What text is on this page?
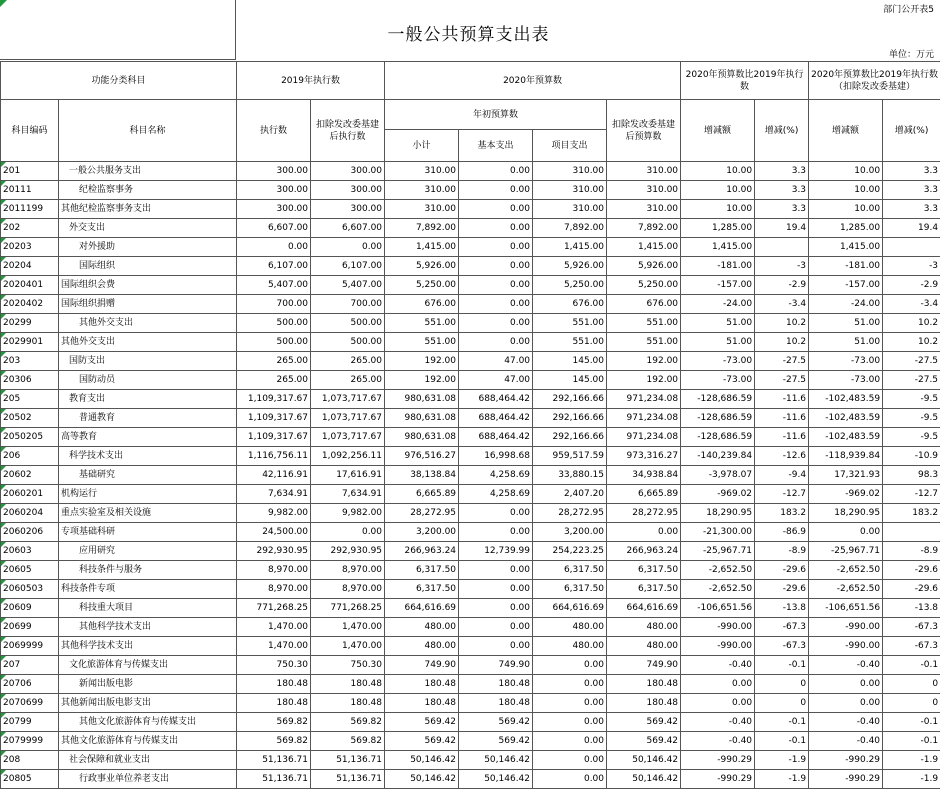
部门公开表5
一般公共预算支出表
单位：万元
功能分类科目		2019年执行数		2020年预算数				2020年预算数比2019年执行数		2020年预算数比2019年执行数（扣除发改委基建）	
科目编码	科目名称	执行数	扣除发改委基建后执行数	年初预算数			扣除发改委基建后预算数	增减额	增减(%)	增减额	增减(%)
				小计	基本支出	项目支出					
201	一般公共服务支出	300.00	300.00	310.00	0.00	310.00	310.00	10.00	3.3	10.00	3.3
20111	纪检监察事务	300.00	300.00	310.00	0.00	310.00	310.00	10.00	3.3	10.00	3.3
2011199	其他纪检监察事务支出	300.00	300.00	310.00	0.00	310.00	310.00	10.00	3.3	10.00	3.3
202	外交支出	6,607.00	6,607.00	7,892.00	0.00	7,892.00	7,892.00	1,285.00	19.4	1,285.00	19.4
20203	对外援助	0.00	0.00	1,415.00	0.00	1,415.00	1,415.00	1,415.00		1,415.00	
20204	国际组织	6,107.00	6,107.00	5,926.00	0.00	5,926.00	5,926.00	-181.00	-3	-181.00	-3
2020401	国际组织会费	5,407.00	5,407.00	5,250.00	0.00	5,250.00	5,250.00	-157.00	-2.9	-157.00	-2.9
2020402	国际组织捐赠	700.00	700.00	676.00	0.00	676.00	676.00	-24.00	-3.4	-24.00	-3.4
20299	其他外交支出	500.00	500.00	551.00	0.00	551.00	551.00	51.00	10.2	51.00	10.2
2029901	其他外交支出	500.00	500.00	551.00	0.00	551.00	551.00	51.00	10.2	51.00	10.2
203	国防支出	265.00	265.00	192.00	47.00	145.00	192.00	-73.00	-27.5	-73.00	-27.5
20306	国防动员	265.00	265.00	192.00	47.00	145.00	192.00	-73.00	-27.5	-73.00	-27.5
205	教育支出	1,109,317.67	1,073,717.67	980,631.08	688,464.42	292,166.66	971,234.08	-128,686.59	-11.6	-102,483.59	-9.5
20502	普通教育	1,109,317.67	1,073,717.67	980,631.08	688,464.42	292,166.66	971,234.08	-128,686.59	-11.6	-102,483.59	-9.5
2050205	高等教育	1,109,317.67	1,073,717.67	980,631.08	688,464.42	292,166.66	971,234.08	-128,686.59	-11.6	-102,483.59	-9.5
206	科学技术支出	1,116,756.11	1,092,256.11	976,516.27	16,998.68	959,517.59	973,316.27	-140,239.84	-12.6	-118,939.84	-10.9
20602	基础研究	42,116.91	17,616.91	38,138.84	4,258.69	33,880.15	34,938.84	-3,978.07	-9.4	17,321.93	98.3
2060201	机构运行	7,634.91	7,634.91	6,665.89	4,258.69	2,407.20	6,665.89	-969.02	-12.7	-969.02	-12.7
2060204	重点实验室及相关设施	9,982.00	9,982.00	28,272.95	0.00	28,272.95	28,272.95	18,290.95	183.2	18,290.95	183.2
2060206	专项基础科研	24,500.00	0.00	3,200.00	0.00	3,200.00	0.00	-21,300.00	-86.9	0.00	
20603	应用研究	292,930.95	292,930.95	266,963.24	12,739.99	254,223.25	266,963.24	-25,967.71	-8.9	-25,967.71	-8.9
20605	科技条件与服务	8,970.00	8,970.00	6,317.50	0.00	6,317.50	6,317.50	-2,652.50	-29.6	-2,652.50	-29.6
2060503	科技条件专项	8,970.00	8,970.00	6,317.50	0.00	6,317.50	6,317.50	-2,652.50	-29.6	-2,652.50	-29.6
20609	科技重大项目	771,268.25	771,268.25	664,616.69	0.00	664,616.69	664,616.69	-106,651.56	-13.8	-106,651.56	-13.8
20699	其他科学技术支出	1,470.00	1,470.00	480.00	0.00	480.00	480.00	-990.00	-67.3	-990.00	-67.3
2069999	其他科学技术支出	1,470.00	1,470.00	480.00	0.00	480.00	480.00	-990.00	-67.3	-990.00	-67.3
207	文化旅游体育与传媒支出	750.30	750.30	749.90	749.90	0.00	749.90	-0.40	-0.1	-0.40	-0.1
20706	新闻出版电影	180.48	180.48	180.48	180.48	0.00	180.48	0.00	0	0.00	0
2070699	其他新闻出版电影支出	180.48	180.48	180.48	180.48	0.00	180.48	0.00	0	0.00	0
20799	其他文化旅游体育与传媒支出	569.82	569.82	569.42	569.42	0.00	569.42	-0.40	-0.1	-0.40	-0.1
2079999	其他文化旅游体育与传媒支出	569.82	569.82	569.42	569.42	0.00	569.42	-0.40	-0.1	-0.40	-0.1
208	社会保障和就业支出	51,136.71	51,136.71	50,146.42	50,146.42	0.00	50,146.42	-990.29	-1.9	-990.29	-1.9
20805	行政事业单位养老支出	51,136.71	51,136.71	50,146.42	50,146.42	0.00	50,146.42	-990.29	-1.9	-990.29	-1.9
